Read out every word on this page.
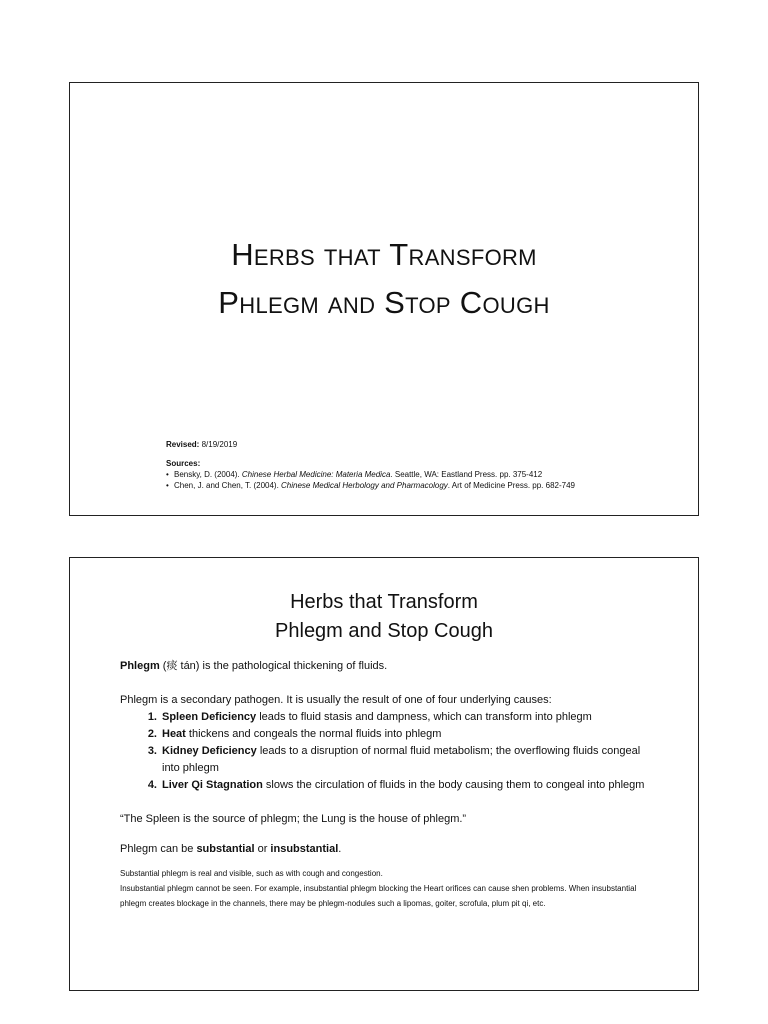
Herbs that Transform
Phlegm and Stop Cough
Revised: 8/19/2019
Sources:
• Bensky, D. (2004). Chinese Herbal Medicine: Materia Medica. Seattle, WA: Eastland Press. pp. 375-412
• Chen, J. and Chen, T. (2004). Chinese Medical Herbology and Pharmacology. Art of Medicine Press. pp. 682-749
Herbs that Transform
Phlegm and Stop Cough

Phlegm (痰 tán) is the pathological thickening of fluids.

Phlegm is a secondary pathogen. It is usually the result of one of four underlying causes:

1. Spleen Deficiency leads to fluid stasis and dampness, which can transform into phlegm
2. Heat thickens and congeals the normal fluids into phlegm
3. Kidney Deficiency leads to a disruption of normal fluid metabolism; the overflowing fluids congeal into phlegm
4. Liver Qi Stagnation slows the circulation of fluids in the body causing them to congeal into phlegm

“The Spleen is the source of phlegm; the Lung is the house of phlegm.”

Phlegm can be substantial or insubstantial.

Substantial phlegm is real and visible, such as with cough and congestion.

Insubstantial phlegm cannot be seen. For example, insubstantial phlegm blocking the Heart orifices can cause shen problems. When insubstantial phlegm creates blockage in the channels, there may be phlegm-nodules such a lipomas, goiter, scrofula, plum pit qi, etc.
